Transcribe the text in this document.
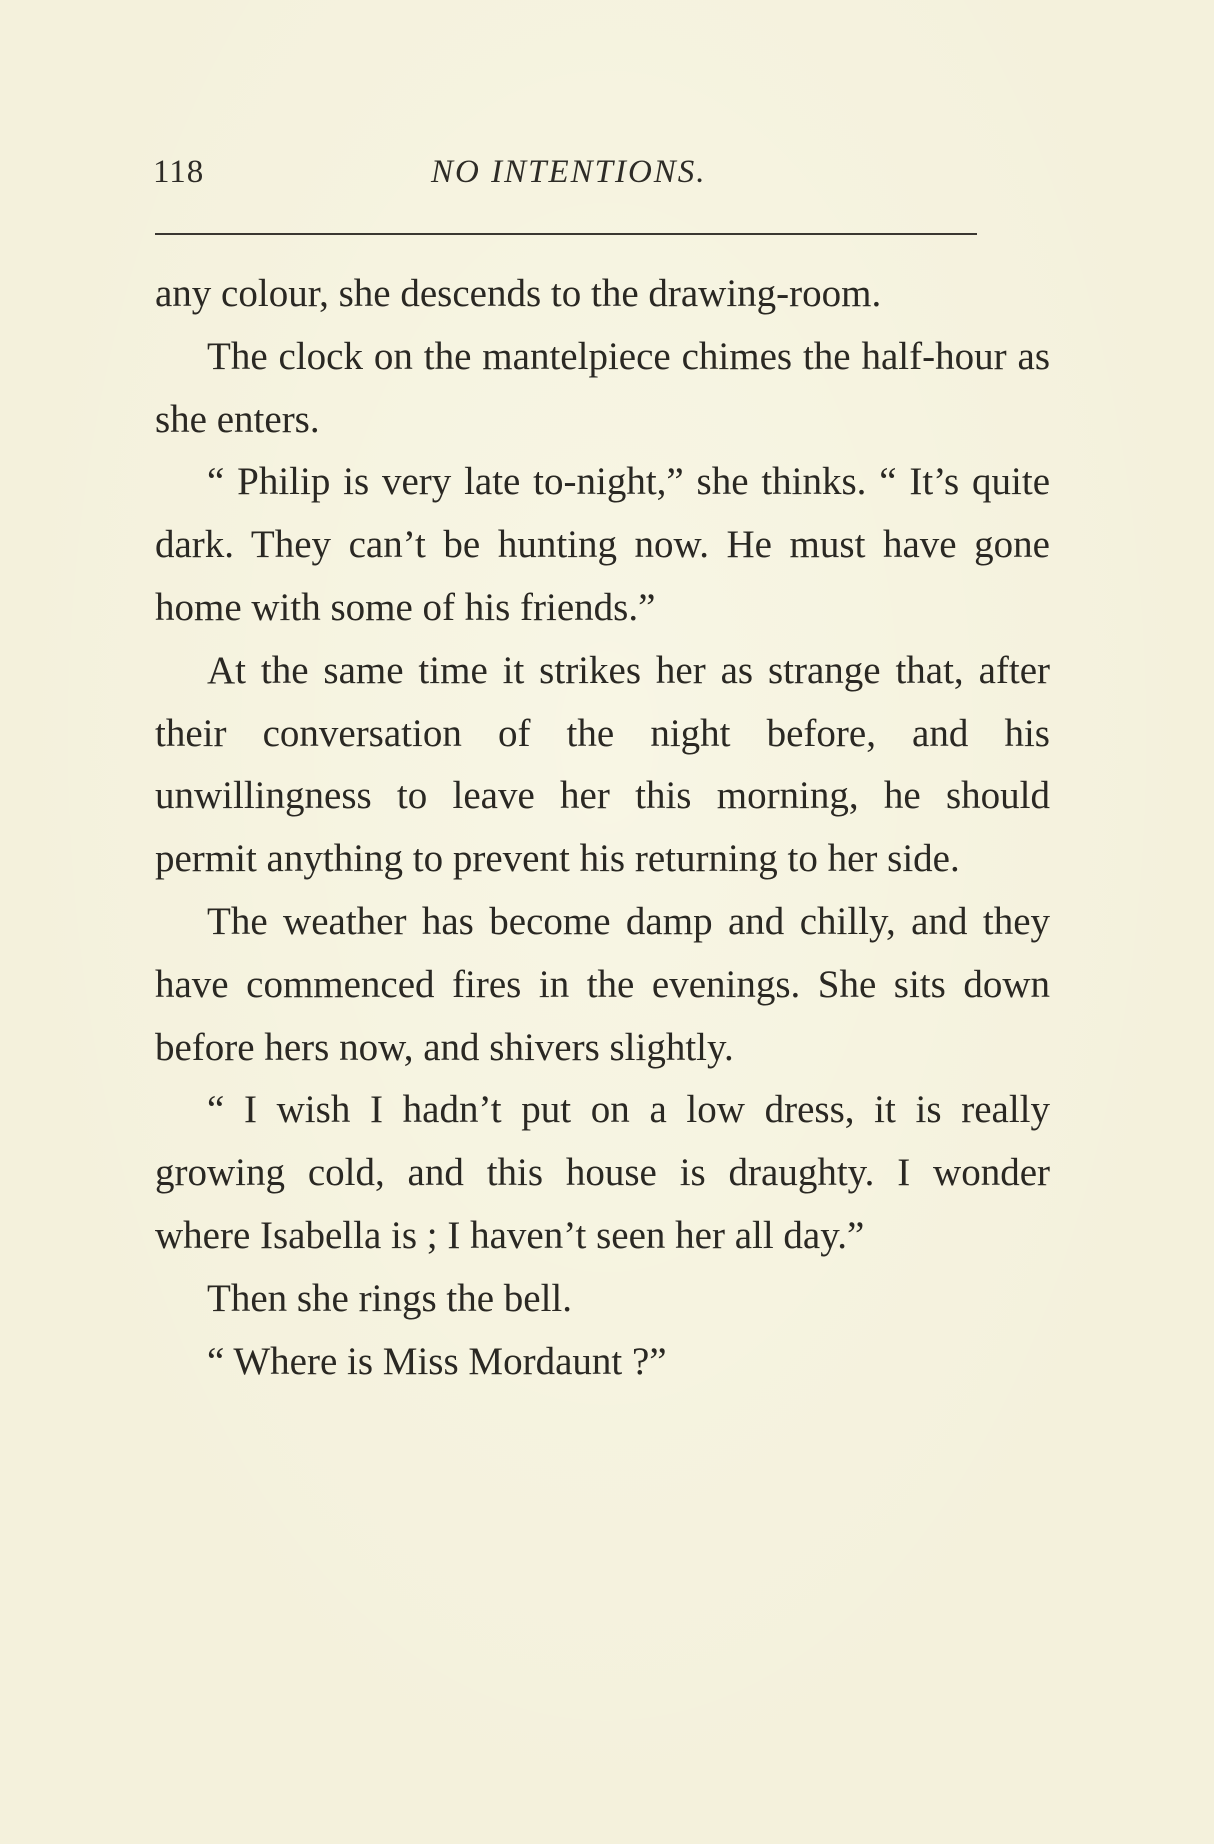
118	NO INTENTIONS.

any colour, she descends to the drawing-room.

The clock on the mantelpiece chimes the half-hour as she enters.

“ Philip is very late to-night,” she thinks. “ It’s quite dark. They can’t be hunting now. He must have gone home with some of his friends.”

At the same time it strikes her as strange that, after their conversation of the night before, and his unwillingness to leave her this morning, he should permit anything to prevent his returning to her side.

The weather has become damp and chilly, and they have commenced fires in the evenings. She sits down before hers now, and shivers slightly.

“ I wish I hadn’t put on a low dress, it is really growing cold, and this house is draughty. I wonder where Isabella is ; I haven’t seen her all day.”

Then she rings the bell.

“ Where is Miss Mordaunt ?”
